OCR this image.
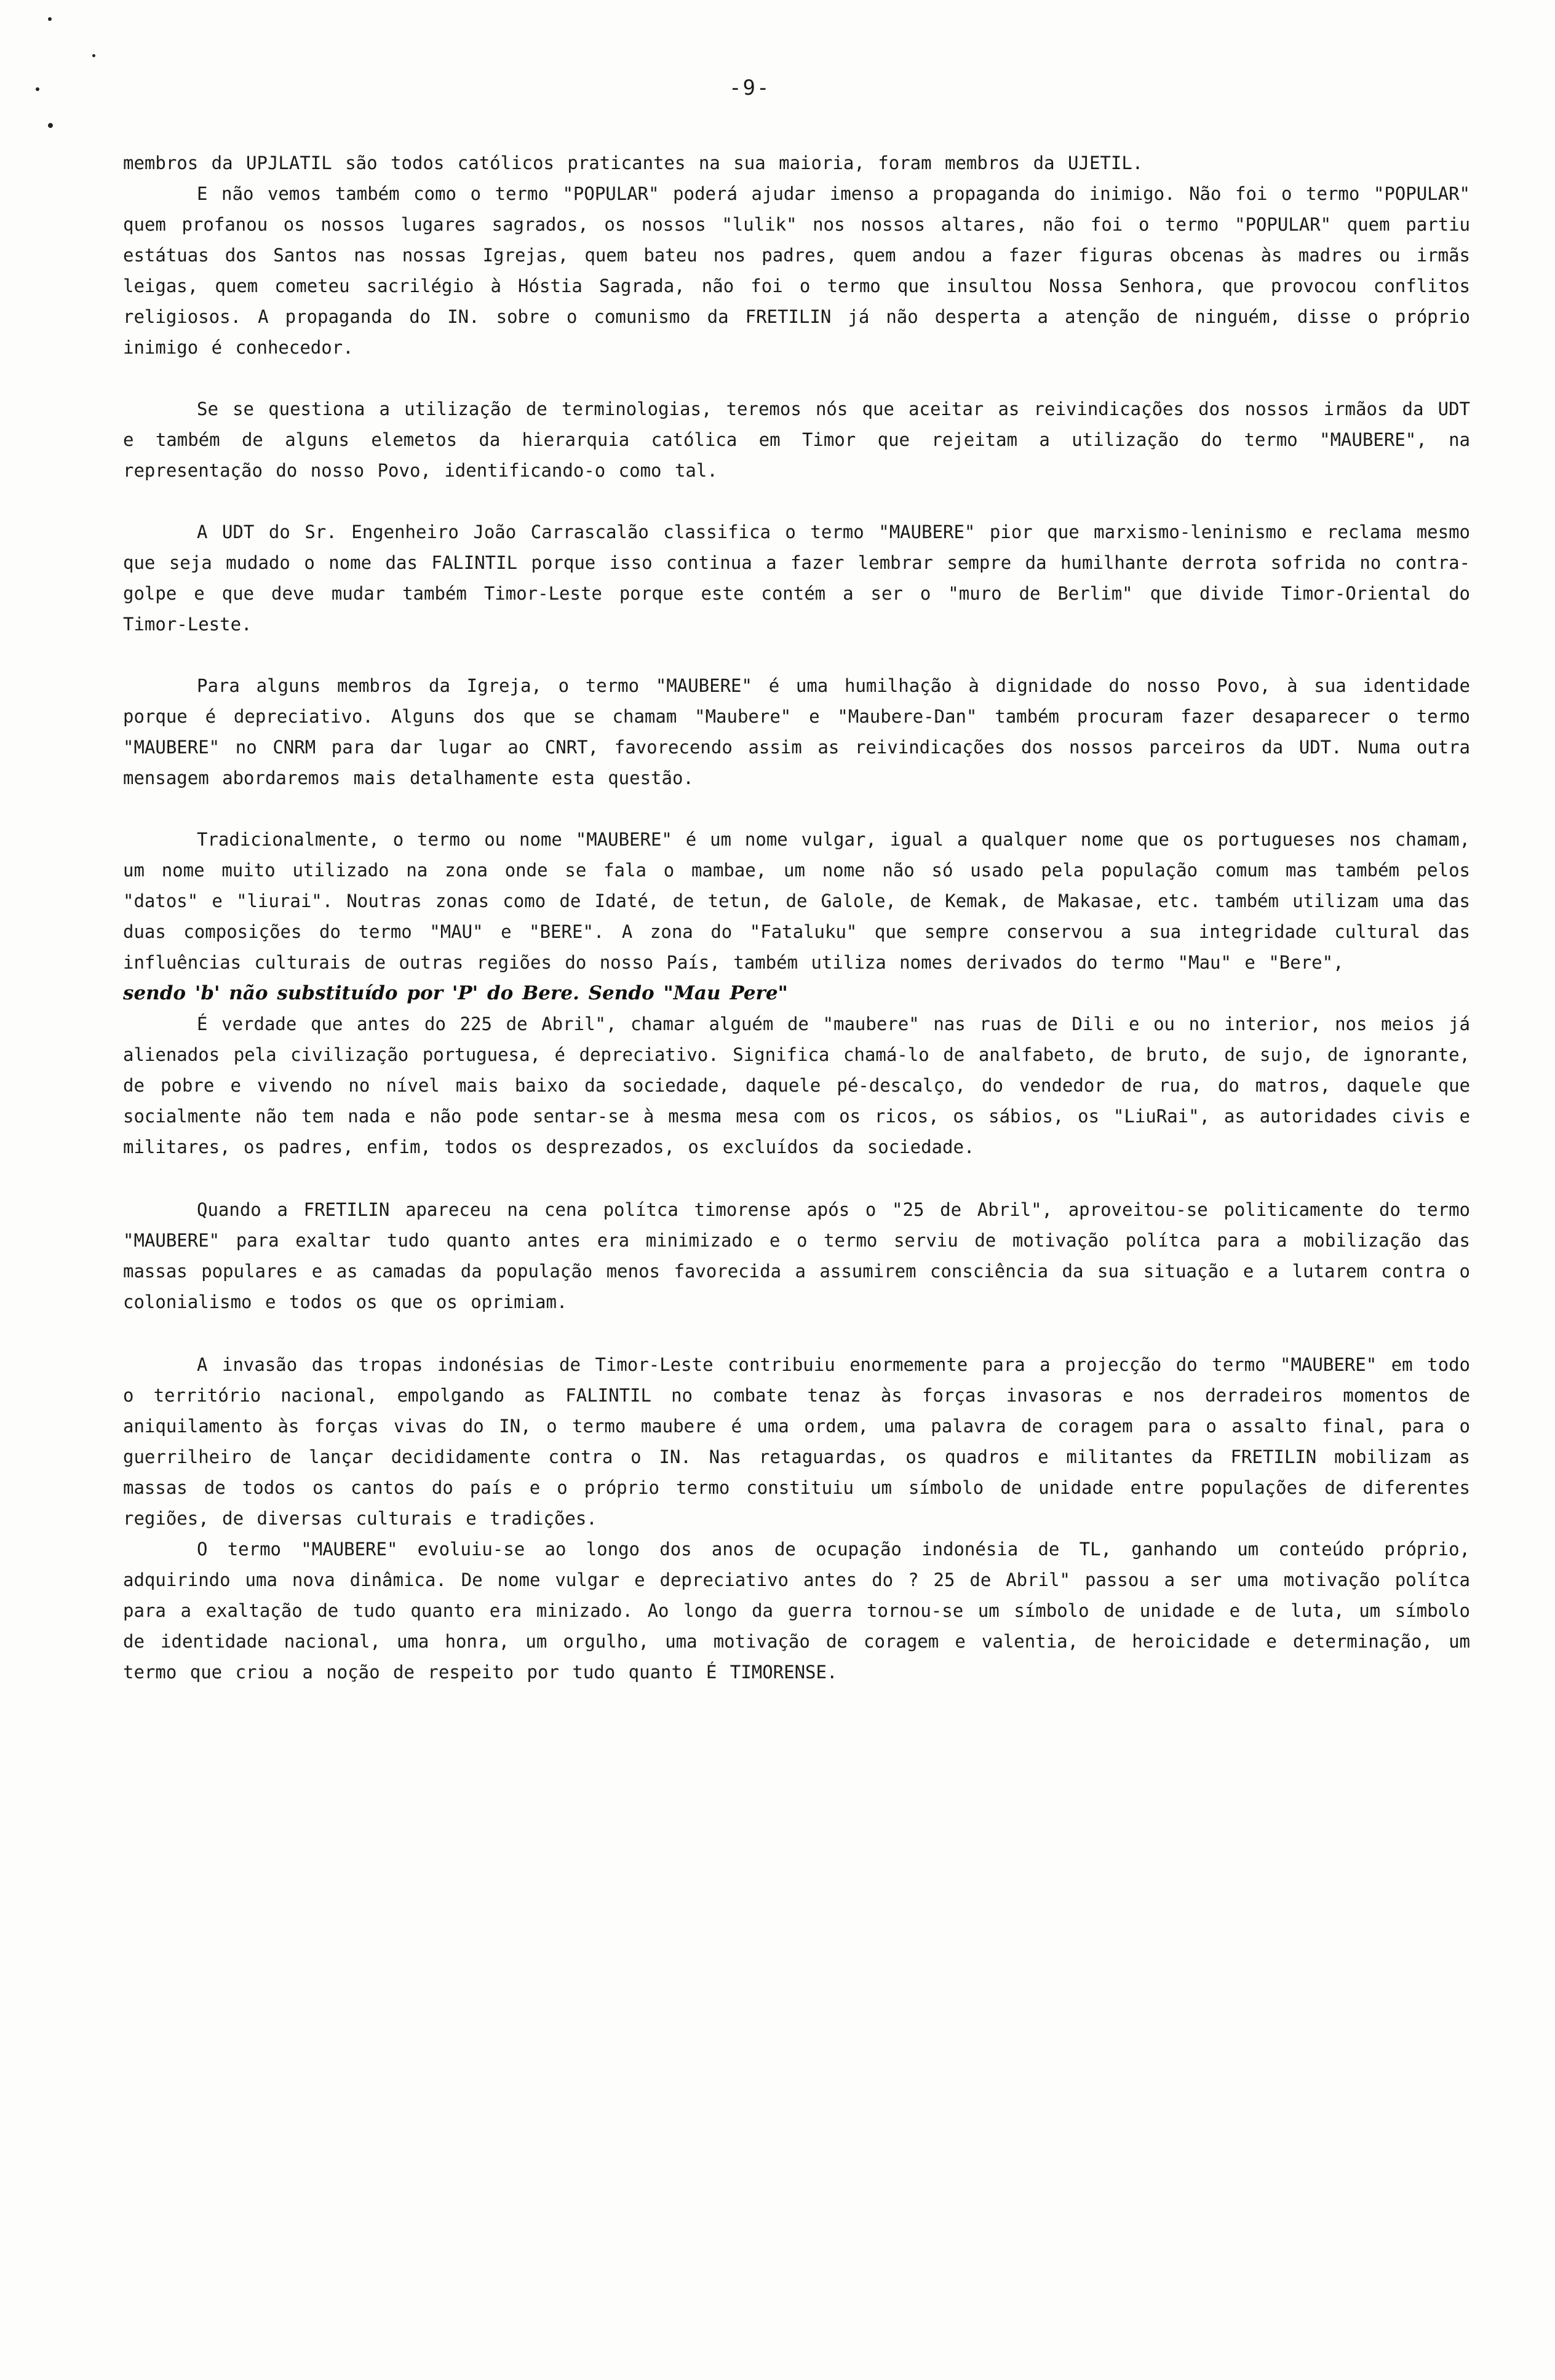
-9-

membros da UPJLATIL são todos católicos praticantes na sua maioria, foram membros da UJETIL.

E não vemos também como o termo "POPULAR" poderá ajudar imenso a propaganda do inimigo. Não foi o termo "POPULAR" quem profanou os nossos lugares sagrados, os nossos "lulik" nos nossos altares, não foi o termo "POPULAR" quem partiu estátuas dos Santos nas nossas Igrejas, quem bateu nos padres, quem andou a fazer figuras obcenas às madres ou irmãs leigas, quem cometeu sacrilégio à Hóstia Sagrada, não foi o termo que insultou Nossa Senhora, que provocou conflitos religiosos. A propaganda do IN. sobre o comunismo da FRETILIN já não desperta a atenção de ninguém, disse o próprio inimigo é conhecedor.

Se se questiona a utilização de terminologias, teremos nós que aceitar as reivindicações dos nossos irmãos da UDT e também de alguns elemetos da hierarquia católica em Timor que rejeitam a utilização do termo "MAUBERE", na representação do nosso Povo, identificando-o como tal.

A UDT do Sr. Engenheiro João Carrascalão classifica o termo "MAUBERE" pior que marxismo-leninismo e reclama mesmo que seja mudado o nome das FALINTIL porque isso continua a fazer lembrar sempre da humilhante derrota sofrida no contra-golpe e que deve mudar também Timor-Leste porque este contém a ser o "muro de Berlim" que divide Timor-Oriental do Timor-Leste.

Para alguns membros da Igreja, o termo "MAUBERE" é uma humilhação à dignidade do nosso Povo, à sua identidade porque é depreciativo. Alguns dos que se chamam "Maubere" e "Maubere-Dan" também procuram fazer desaparecer o termo "MAUBERE" no CNRM para dar lugar ao CNRT, favorecendo assim as reivindicações dos nossos parceiros da UDT. Numa outra mensagem abordaremos mais detalhamente esta questão.

Tradicionalmente, o termo ou nome "MAUBERE" é um nome vulgar, igual a qualquer nome que os portugueses nos chamam, um nome muito utilizado na zona onde se fala o mambae, um nome não só usado pela população comum mas também pelos "datos" e "liurai". Noutras zonas como de Idaté, de tetun, de Galole, de Kemak, de Makasae, etc. também utilizam uma das duas composições do termo "MAU" e "BERE". A zona do "Fataluku" que sempre conservou a sua integridade cultural das influências culturais de outras regiões do nosso País, também utiliza nomes derivados do termo "Mau" e "Bere",

sendo 'b' não substituído por 'P' do Bere. Sendo "Mau Pere"

É verdade que antes do 225 de Abril", chamar alguém de "maubere" nas ruas de Dili e ou no interior, nos meios já alienados pela civilização portuguesa, é depreciativo. Significa chamá-lo de analfabeto, de bruto, de sujo, de ignorante, de pobre e vivendo no nível mais baixo da sociedade, daquele pé-descalço, do vendedor de rua, do matros, daquele que socialmente não tem nada e não pode sentar-se à mesma mesa com os ricos, os sábios, os "LiuRai", as autoridades civis e militares, os padres, enfim, todos os desprezados, os excluídos da sociedade.

Quando a FRETILIN apareceu na cena polítca timorense após o "25 de Abril", aproveitou-se politicamente do termo "MAUBERE" para exaltar tudo quanto antes era minimizado e o termo serviu de motivação polítca para a mobilização das massas populares e as camadas da população menos favorecida a assumirem consciência da sua situação e a lutarem contra o colonialismo e todos os que os oprimiam.

A invasão das tropas indonésias de Timor-Leste contribuiu enormemente para a projecção do termo "MAUBERE" em todo o território nacional, empolgando as FALINTIL no combate tenaz às forças invasoras e nos derradeiros momentos de aniquilamento às forças vivas do IN, o termo maubere é uma ordem, uma palavra de coragem para o assalto final, para o guerrilheiro de lançar decididamente contra o IN. Nas retaguardas, os quadros e militantes da FRETILIN mobilizam as massas de todos os cantos do país e o próprio termo constituiu um símbolo de unidade entre populações de diferentes regiões, de diversas culturais e tradições.

O termo "MAUBERE" evoluiu-se ao longo dos anos de ocupação indonésia de TL, ganhando um conteúdo próprio, adquirindo uma nova dinâmica. De nome vulgar e depreciativo antes do ? 25 de Abril" passou a ser uma motivação polítca para a exaltação de tudo quanto era minizado. Ao longo da guerra tornou-se um símbolo de unidade e de luta, um símbolo de identidade nacional, uma honra, um orgulho, uma motivação de coragem e valentia, de heroicidade e determinação, um termo que criou a noção de respeito por tudo quanto É TIMORENSE.
